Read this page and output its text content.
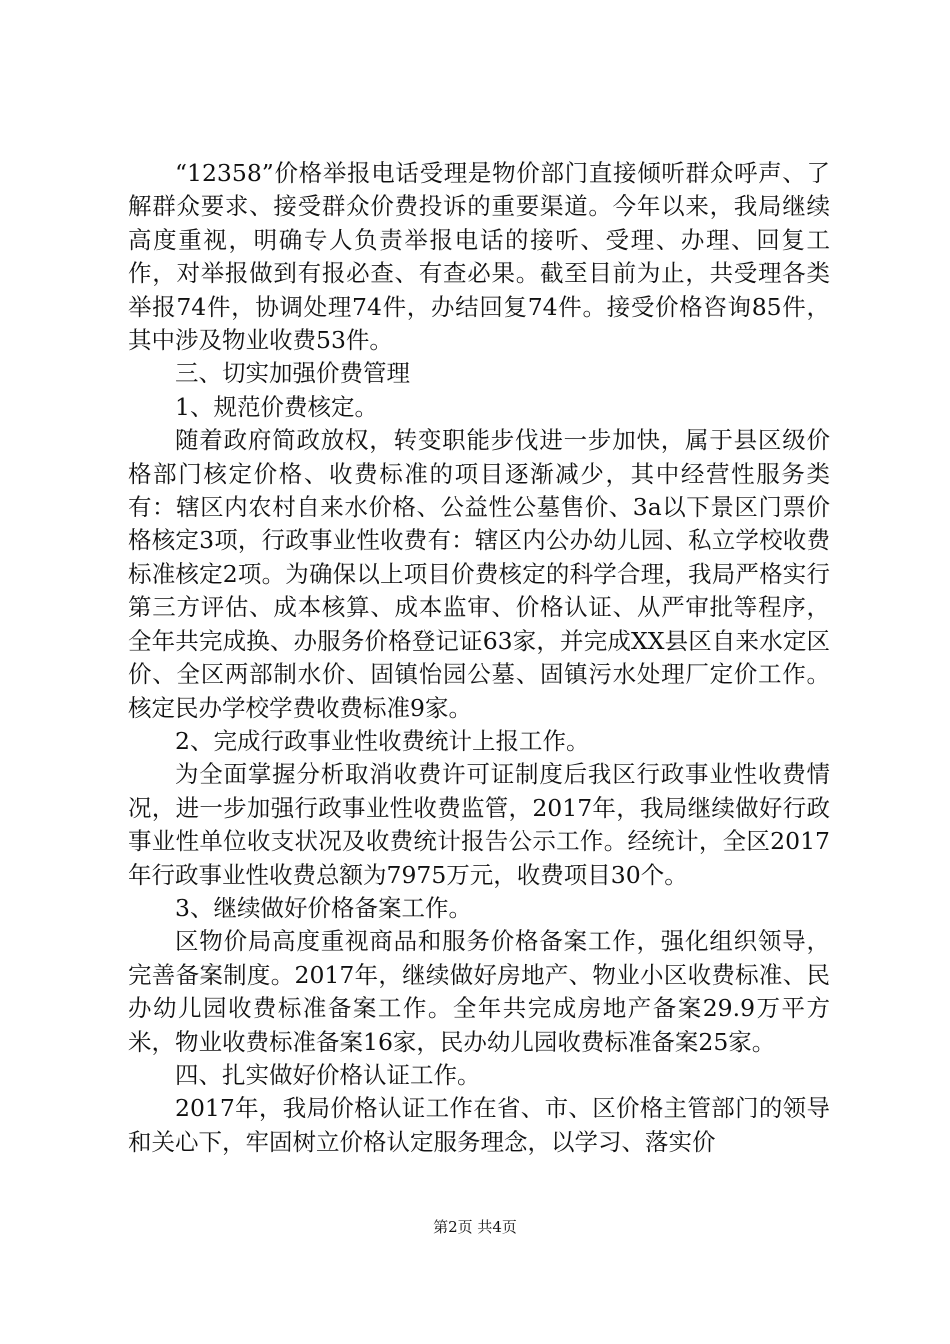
“12358”价格举报电话受理是物价部门直接倾听群众呼声、了解群众要求、接受群众价费投诉的重要渠道。今年以来，我局继续高度重视，明确专人负责举报电话的接听、受理、办理、回复工作，对举报做到有报必查、有查必果。截至目前为止，共受理各类举报74件，协调处理74件，办结回复74件。接受价格咨询85件，其中涉及物业收费53件。

三、切实加强价费管理

1、规范价费核定。

随着政府简政放权，转变职能步伐进一步加快，属于县区级价格部门核定价格、收费标准的项目逐渐减少，其中经营性服务类有：辖区内农村自来水价格、公益性公墓售价、3a以下景区门票价格核定3项，行政事业性收费有：辖区内公办幼儿园、私立学校收费标准核定2项。为确保以上项目价费核定的科学合理，我局严格实行第三方评估、成本核算、成本监审、价格认证、从严审批等程序，全年共完成换、办服务价格登记证63家，并完成XX县区自来水定区价、全区两部制水价、固镇怡园公墓、固镇污水处理厂定价工作。核定民办学校学费收费标准9家。

2、完成行政事业性收费统计上报工作。

为全面掌握分析取消收费许可证制度后我区行政事业性收费情况，进一步加强行政事业性收费监管，2017年，我局继续做好行政事业性单位收支状况及收费统计报告公示工作。经统计，全区2017年行政事业性收费总额为7975万元，收费项目30个。

3、继续做好价格备案工作。

区物价局高度重视商品和服务价格备案工作，强化组织领导，完善备案制度。2017年，继续做好房地产、物业小区收费标准、民办幼儿园收费标准备案工作。全年共完成房地产备案29.9万平方米，物业收费标准备案16家，民办幼儿园收费标准备案25家。

四、扎实做好价格认证工作。

2017年，我局价格认证工作在省、市、区价格主管部门的领导和关心下，牢固树立价格认定服务理念，以学习、落实价

第2页 共4页
